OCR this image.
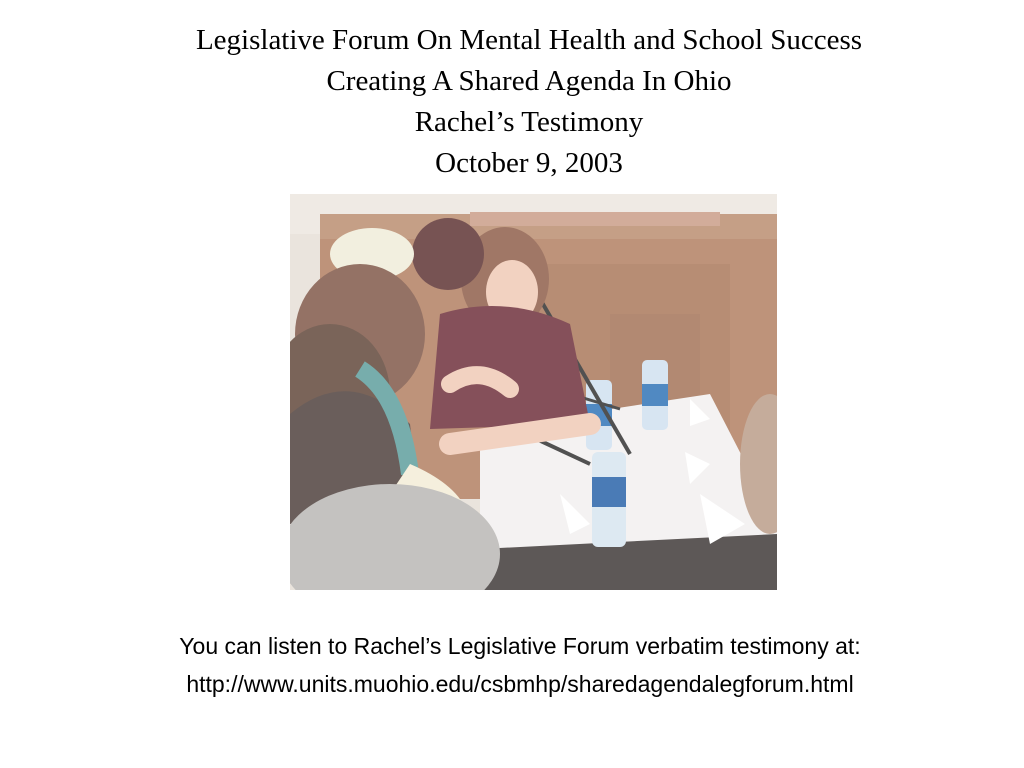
Legislative Forum On Mental Health and School Success
Creating A Shared Agenda In Ohio
Rachel’s Testimony
October 9, 2003
You can listen to Rachel’s Legislative Forum verbatim testimony at:
http://www.units.muohio.edu/csbmhp/sharedagendalegforum.html
